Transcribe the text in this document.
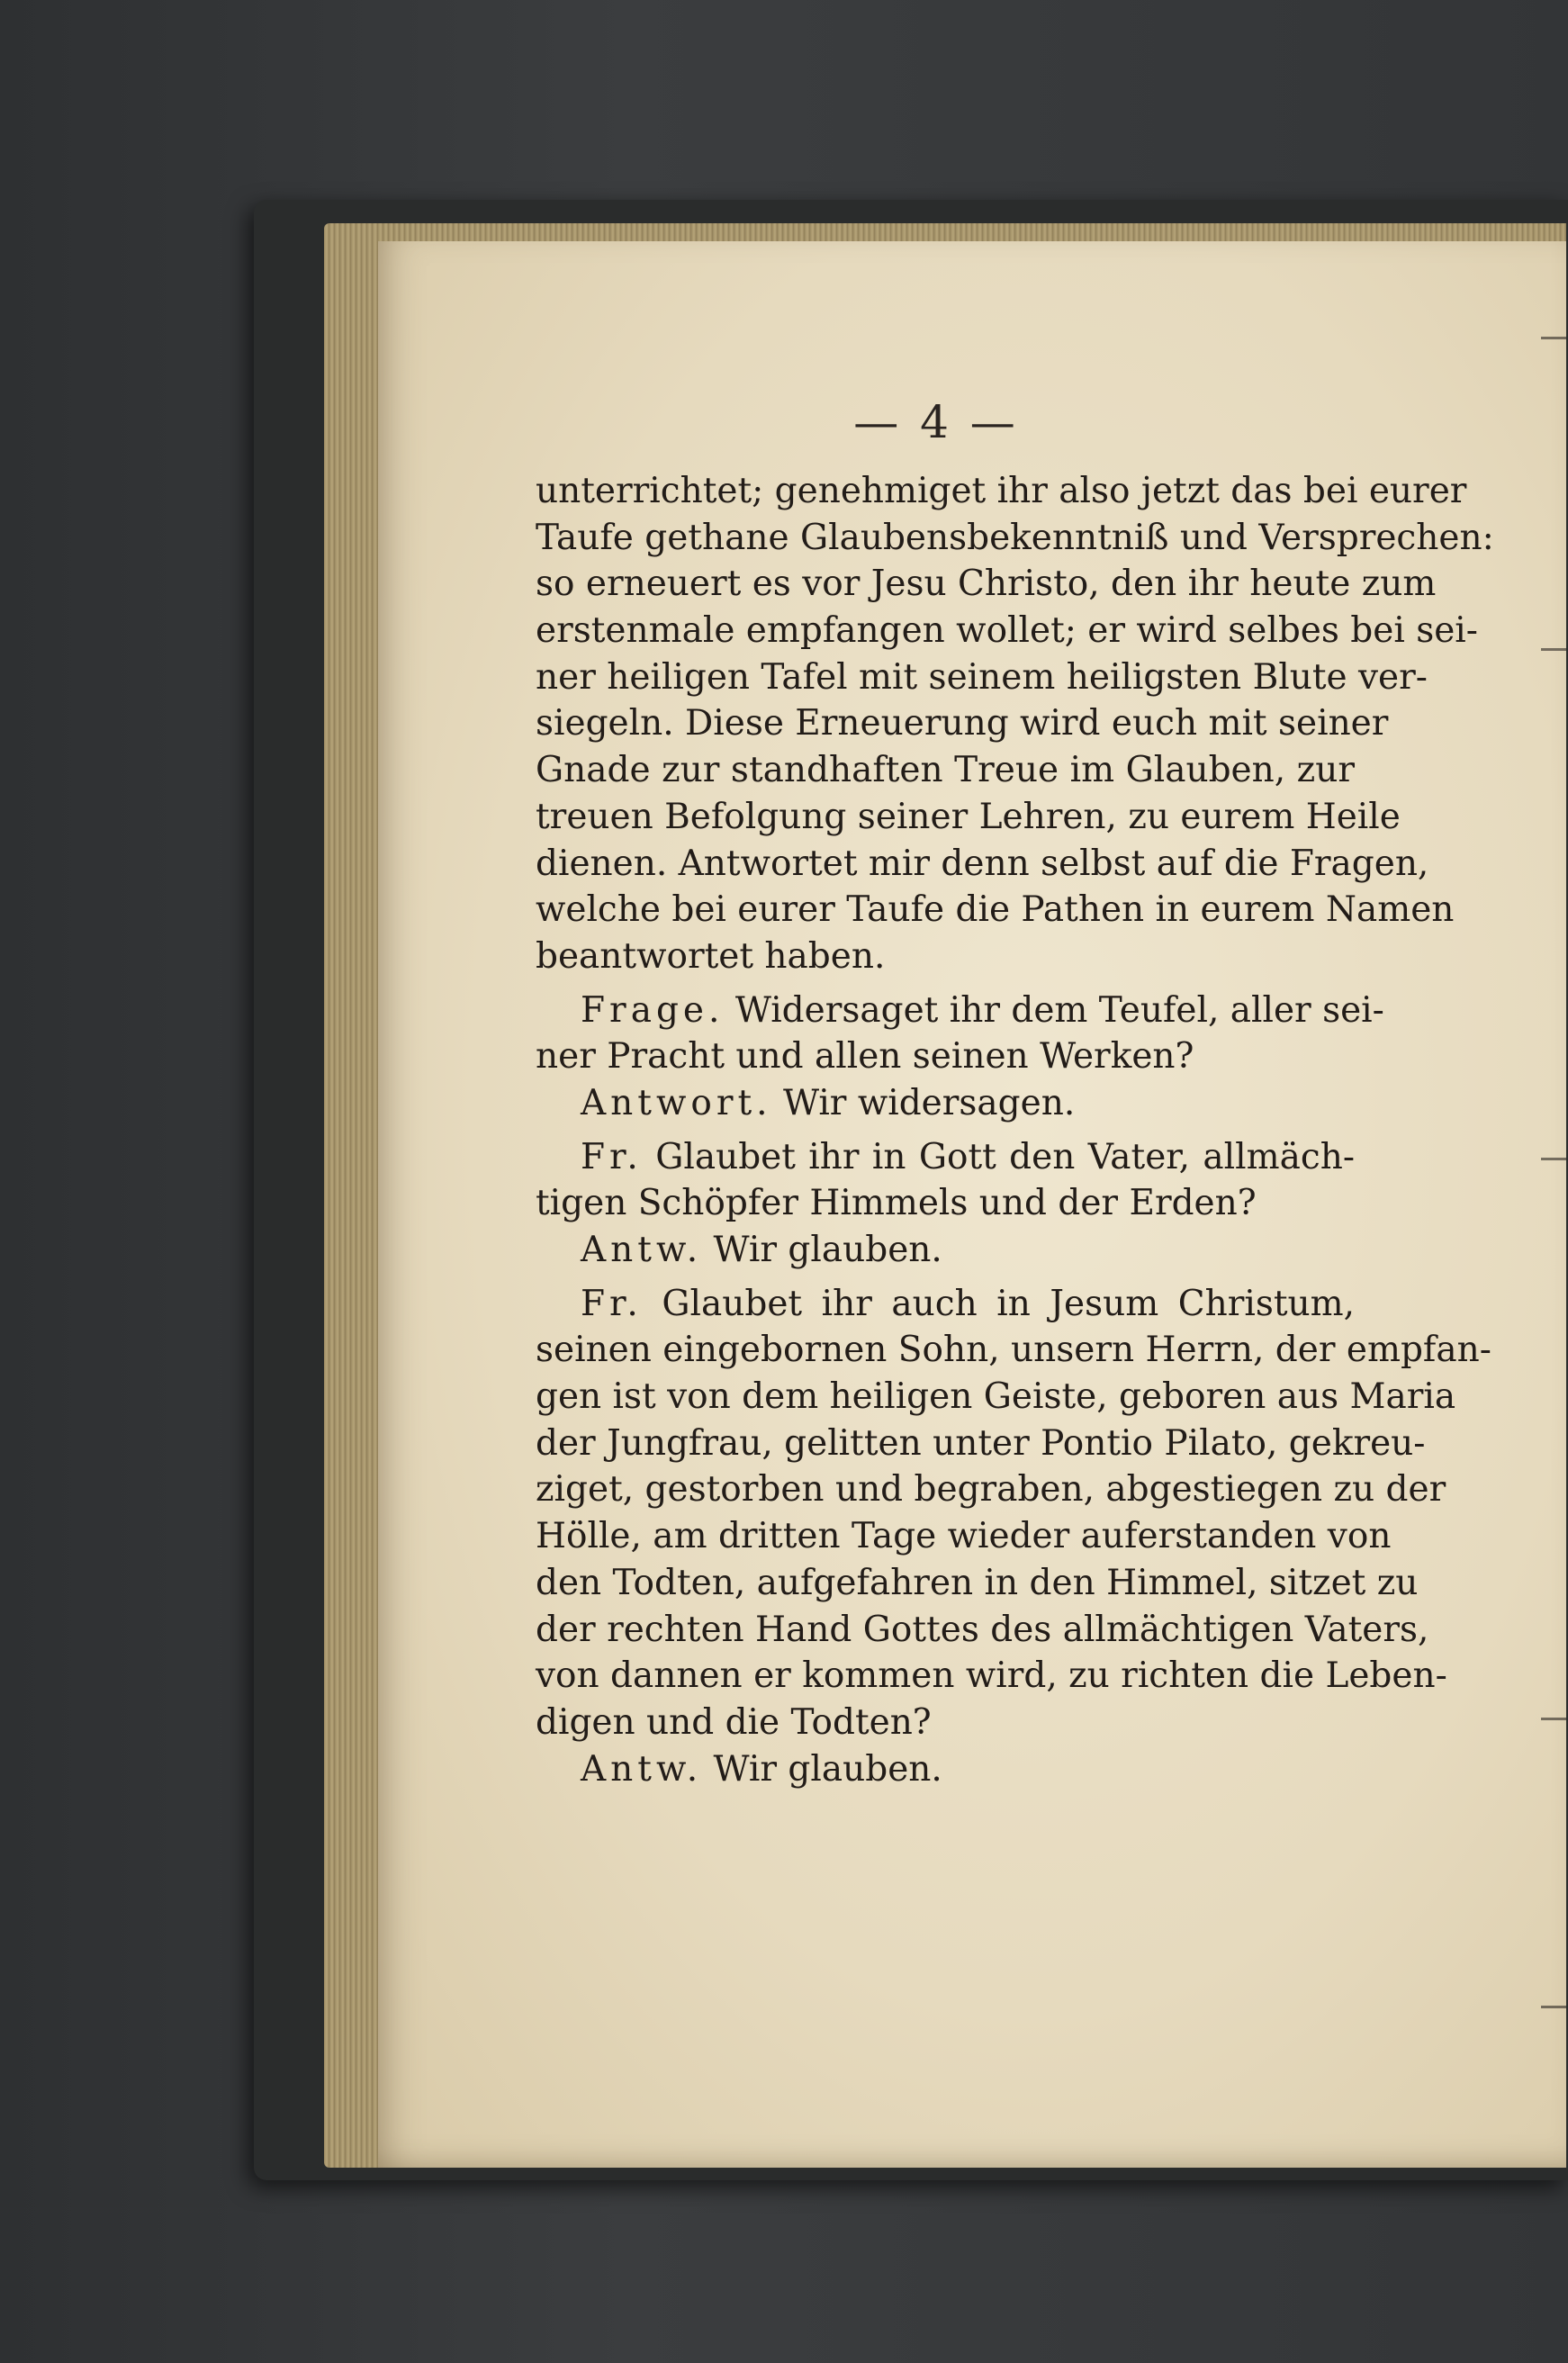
— 4 —
unterrichtet; genehmiget ihr also jetzt das bei eurer
Taufe gethane Glaubensbekenntniß und Versprechen:
so erneuert es vor Jesu Christo, den ihr heute zum
erstenmale empfangen wollet; er wird selbes bei sei-
ner heiligen Tafel mit seinem heiligsten Blute ver-
siegeln. Diese Erneuerung wird euch mit seiner
Gnade zur standhaften Treue im Glauben, zur
treuen Befolgung seiner Lehren, zu eurem Heile
dienen. Antwortet mir denn selbst auf die Fragen,
welche bei eurer Taufe die Pathen in eurem Namen
beantwortet haben.
Frage. Widersaget ihr dem Teufel, aller sei-
ner Pracht und allen seinen Werken?
Antwort. Wir widersagen.
Fr. Glaubet ihr in Gott den Vater, allmäch-
tigen Schöpfer Himmels und der Erden?
Antw. Wir glauben.
Fr. Glaubet ihr auch in Jesum Christum,
seinen eingebornen Sohn, unsern Herrn, der empfan-
gen ist von dem heiligen Geiste, geboren aus Maria
der Jungfrau, gelitten unter Pontio Pilato, gekreu-
ziget, gestorben und begraben, abgestiegen zu der
Hölle, am dritten Tage wieder auferstanden von
den Todten, aufgefahren in den Himmel, sitzet zu
der rechten Hand Gottes des allmächtigen Vaters,
von dannen er kommen wird, zu richten die Leben-
digen und die Todten?
Antw. Wir glauben.
